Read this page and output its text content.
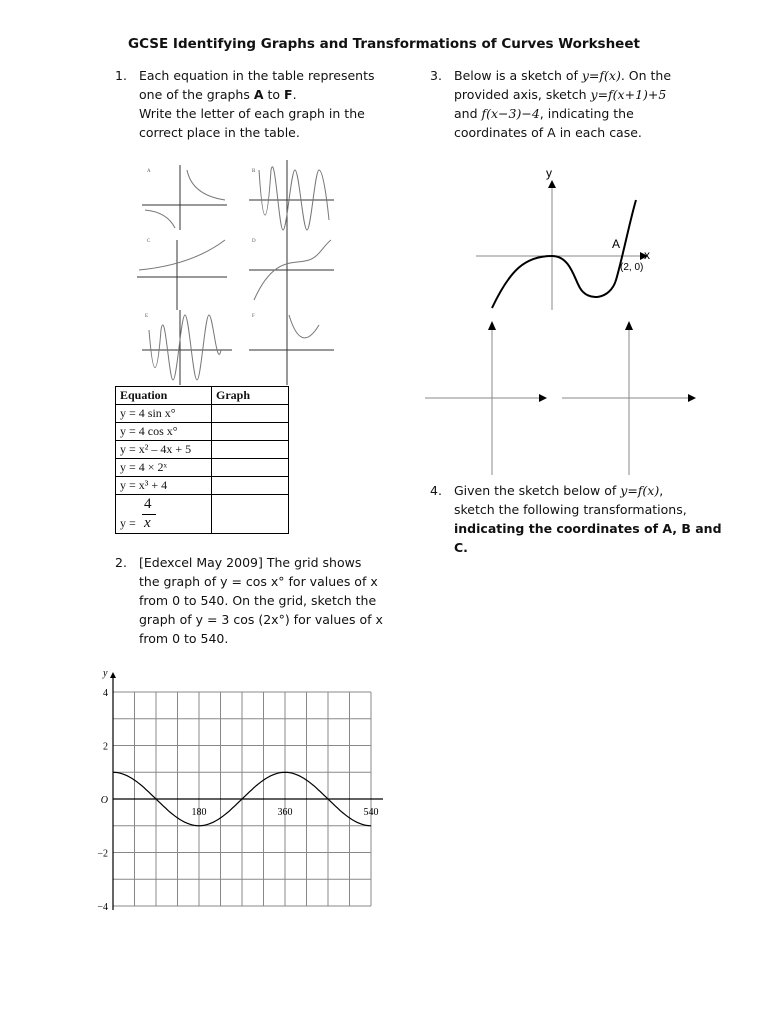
GCSE Identifying Graphs and Transformations of Curves Worksheet
1. Each equation in the table represents
one of the graphs A to F.
Write the letter of each graph in the
correct place in the table.
A	B
C	D
E	F
Equation	Graph
y = 4 sin x°	
y = 4 cos x°	
y = x² – 4x + 5	
y = 4 × 2ˣ	
y = x³ + 4	

4
y = x	

2. [Edexcel May 2009] The grid shows
the graph of y = cos x° for values of x
from 0 to 540. On the grid, sketch the
graph of y = 3 cos (2x°) for values of x
from 0 to 540.
y
4
2
O
−2
−4
180	360	540
3. Below is a sketch of y=f(x). On the
provided axis, sketch y=f(x+1)+5
and f(x−3)−4, indicating the
coordinates of A in each case.
y
x
A
(2, 0)
4. Given the sketch below of y=f(x),
sketch the following transformations,
indicating the coordinates of A, B and
C.
